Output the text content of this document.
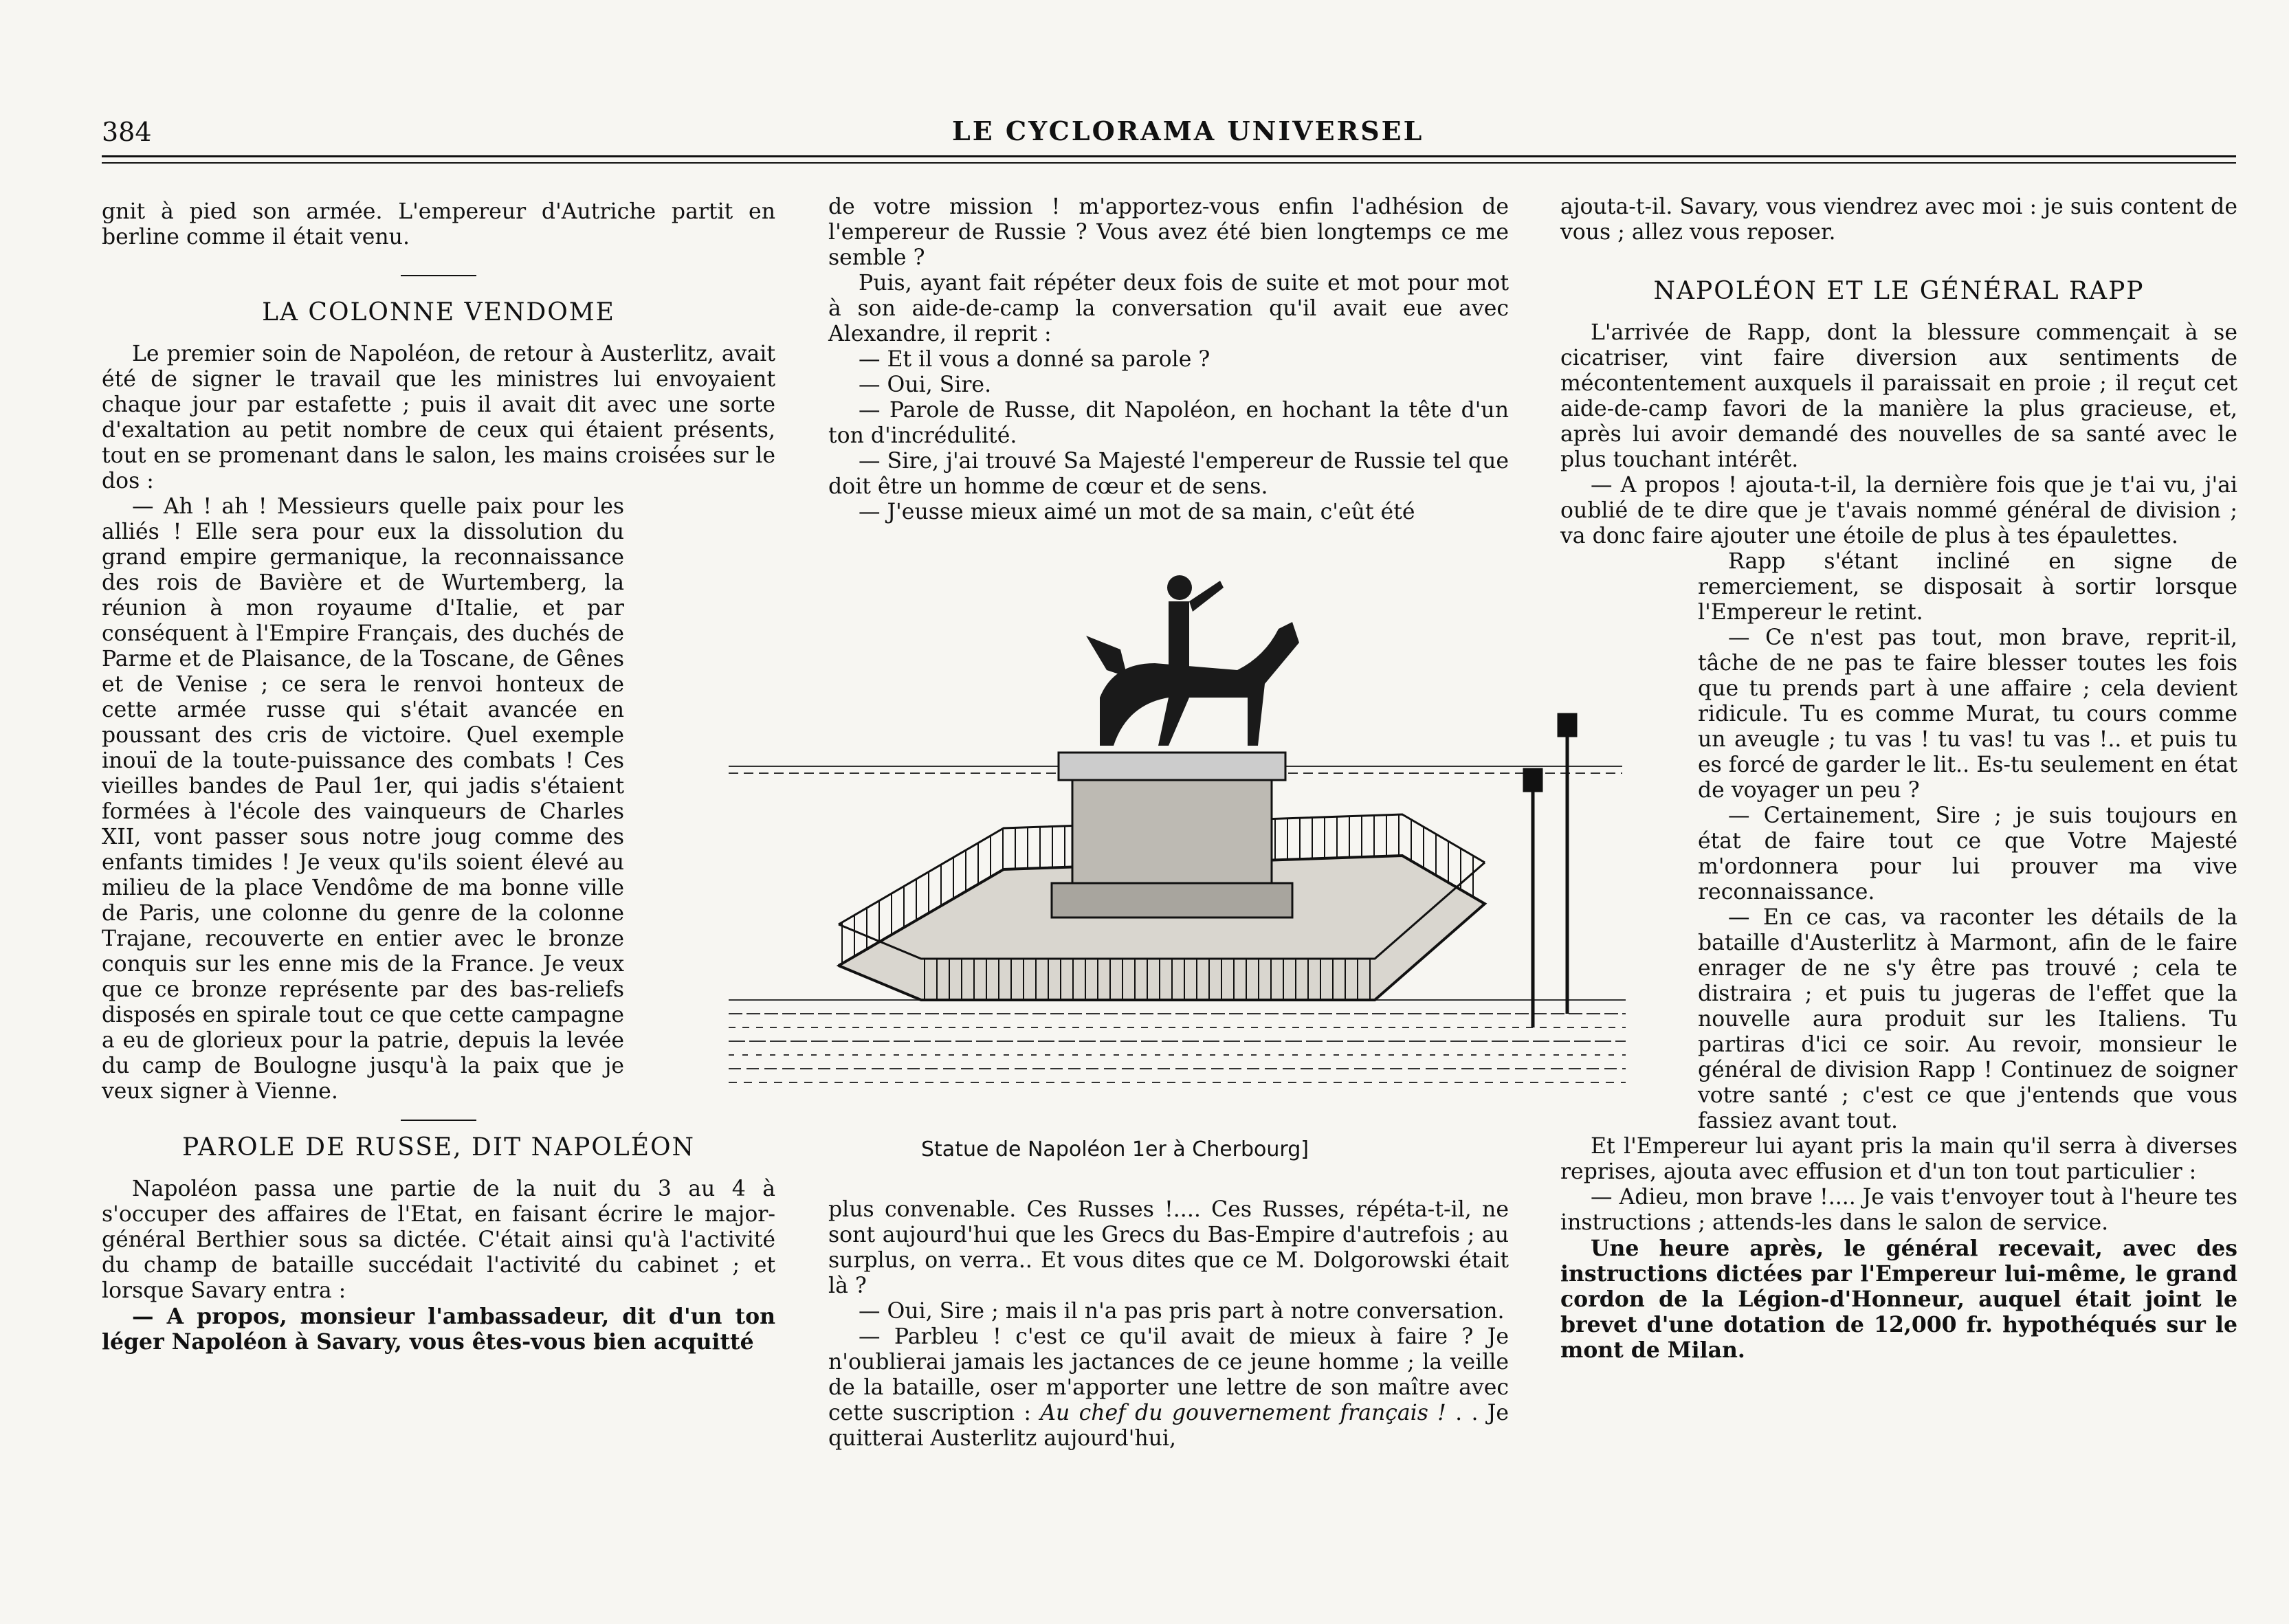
384	LE CYCLORAMA UNIVERSEL

gnit à pied son armée. L'empereur d'Autriche partit en berline comme il était venu.

LA COLONNE VENDOME

Le premier soin de Napoléon, de retour à Austerlitz, avait été de signer le travail que les ministres lui envoyaient chaque jour par estafette ; puis il avait dit avec une sorte d'exaltation au petit nombre de ceux qui étaient présents, tout en se promenant dans le salon, les mains croisées sur le dos :

— Ah ! ah ! Messieurs quelle paix pour les alliés ! Elle sera pour eux la dissolution du grand empire germanique, la reconnaissance des rois de Bavière et de Wurtemberg, la réunion à mon royaume d'Italie, et par conséquent à l'Empire Français, des duchés de Parme et de Plaisance, de la Toscane, de Gênes et de Venise ; ce sera le renvoi honteux de cette armée russe qui s'était avancée en poussant des cris de victoire. Quel exemple inouï de la toute-puissance des combats ! Ces vieilles bandes de Paul 1er, qui jadis s'étaient formées à l'école des vainqueurs de Charles XII, vont passer sous notre joug comme des enfants timides ! Je veux qu'ils soient élevé au milieu de la place Vendôme de ma bonne ville de Paris, une colonne du genre de la colonne Trajane, recouverte en entier avec le bronze conquis sur les enne mis de la France. Je veux que ce bronze représente par des bas-reliefs disposés en spirale tout ce que cette campagne a eu de glorieux pour la patrie, depuis la levée du camp de Boulogne jusqu'à la paix que je veux signer à Vienne.

PAROLE DE RUSSE, DIT NAPOLÉON

Napoléon passa une partie de la nuit du 3 au 4 à s'occuper des affaires de l'Etat, en faisant écrire le major-général Berthier sous sa dictée. C'était ainsi qu'à l'activité du champ de bataille succédait l'activité du cabinet ; et lorsque Savary entra :

— A propos, monsieur l'ambassadeur, dit d'un ton léger Napoléon à Savary, vous êtes-vous bien acquitté

de votre mission ! m'apportez-vous enfin l'adhésion de l'empereur de Russie ? Vous avez été bien longtemps ce me semble ?

Puis, ayant fait répéter deux fois de suite et mot pour mot à son aide-de-camp la conversation qu'il avait eue avec Alexandre, il reprit :

— Et il vous a donné sa parole ?

— Oui, Sire.

— Parole de Russe, dit Napoléon, en hochant la tête d'un ton d'incrédulité.

— Sire, j'ai trouvé Sa Majesté l'empereur de Russie tel que doit être un homme de cœur et de sens.

— J'eusse mieux aimé un mot de sa main, c'eût été

Statue de Napoléon 1er à Cherbourg]

plus convenable. Ces Russes !.... Ces Russes, répéta-t-il, ne sont aujourd'hui que les Grecs du Bas-Empire d'autrefois ; au surplus, on verra.. Et vous dites que ce M. Dolgorowski était là ?

— Oui, Sire ; mais il n'a pas pris part à notre conversation.

— Parbleu ! c'est ce qu'il avait de mieux à faire ? Je n'oublierai jamais les jactances de ce jeune homme ; la veille de la bataille, oser m'apporter une lettre de son maître avec cette suscription : Au chef du gouvernement français ! . . Je quitterai Austerlitz aujourd'hui,

ajouta-t-il. Savary, vous viendrez avec moi : je suis content de vous ; allez vous reposer.

NAPOLÉON ET LE GÉNÉRAL RAPP

L'arrivée de Rapp, dont la blessure commençait à se cicatriser, vint faire diversion aux sentiments de mécontentement auxquels il paraissait en proie ; il reçut cet aide-de-camp favori de la manière la plus gracieuse, et, après lui avoir demandé des nouvelles de sa santé avec le plus touchant intérêt.

— A propos ! ajouta-t-il, la dernière fois que je t'ai vu, j'ai oublié de te dire que je t'avais nommé général de division ; va donc faire ajouter une étoile de plus à tes épaulettes.

Rapp s'étant incliné en signe de remerciement, se disposait à sortir lorsque l'Empereur le retint.

— Ce n'est pas tout, mon brave, reprit-il, tâche de ne pas te faire blesser toutes les fois que tu prends part à une affaire ; cela devient ridicule. Tu es comme Murat, tu cours comme un aveugle ; tu vas ! tu vas! tu vas !.. et puis tu es forcé de garder le lit.. Es-tu seulement en état de voyager un peu ?

— Certainement, Sire ; je suis toujours en état de faire tout ce que Votre Majesté m'ordonnera pour lui prouver ma vive reconnaissance.

— En ce cas, va raconter les détails de la bataille d'Austerlitz à Marmont, afin de le faire enrager de ne s'y être pas trouvé ; cela te distraira ; et puis tu jugeras de l'effet que la nouvelle aura produit sur les Italiens. Tu partiras d'ici ce soir. Au revoir, monsieur le général de division Rapp ! Continuez de soigner votre santé ; c'est ce que j'entends que vous fassiez avant tout.

Et l'Empereur lui ayant pris la main qu'il serra à diverses reprises, ajouta avec effusion et d'un ton tout particulier :

— Adieu, mon brave !.... Je vais t'envoyer tout à l'heure tes instructions ; attends-les dans le salon de service.

Une heure après, le général recevait, avec des instructions dictées par l'Empereur lui-même, le grand cordon de la Légion-d'Honneur, auquel était joint le brevet d'une dotation de 12,000 fr. hypothéqués sur le mont de Milan.
